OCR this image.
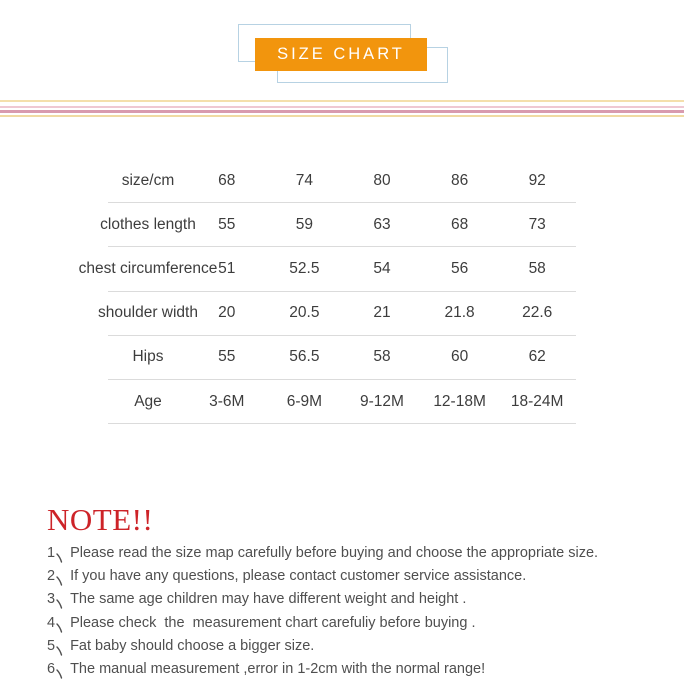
SIZE CHART
size/cm	68	74	80	86	92
clothes length 55	59	63	68	73
chest circumference 51	52.5	54	56	58
shoulder width 20	20.5	21	21.8	22.6
Hips	55	56.5	58	60	62
Age	3-6M	6-9M 9-12M 12-18M 18-24M
NOTE!!
1 Please read the size map carefully before buying and choose the appropriate size.
2 If you have any questions, please contact customer service assistance.
3 The same age children may have different weight and height .
4 Please check  the  measurement chart carefuliy before buying .
5 Fat baby should choose a bigger size.
6 The manual measurement ,error in 1-2cm with the normal range!
